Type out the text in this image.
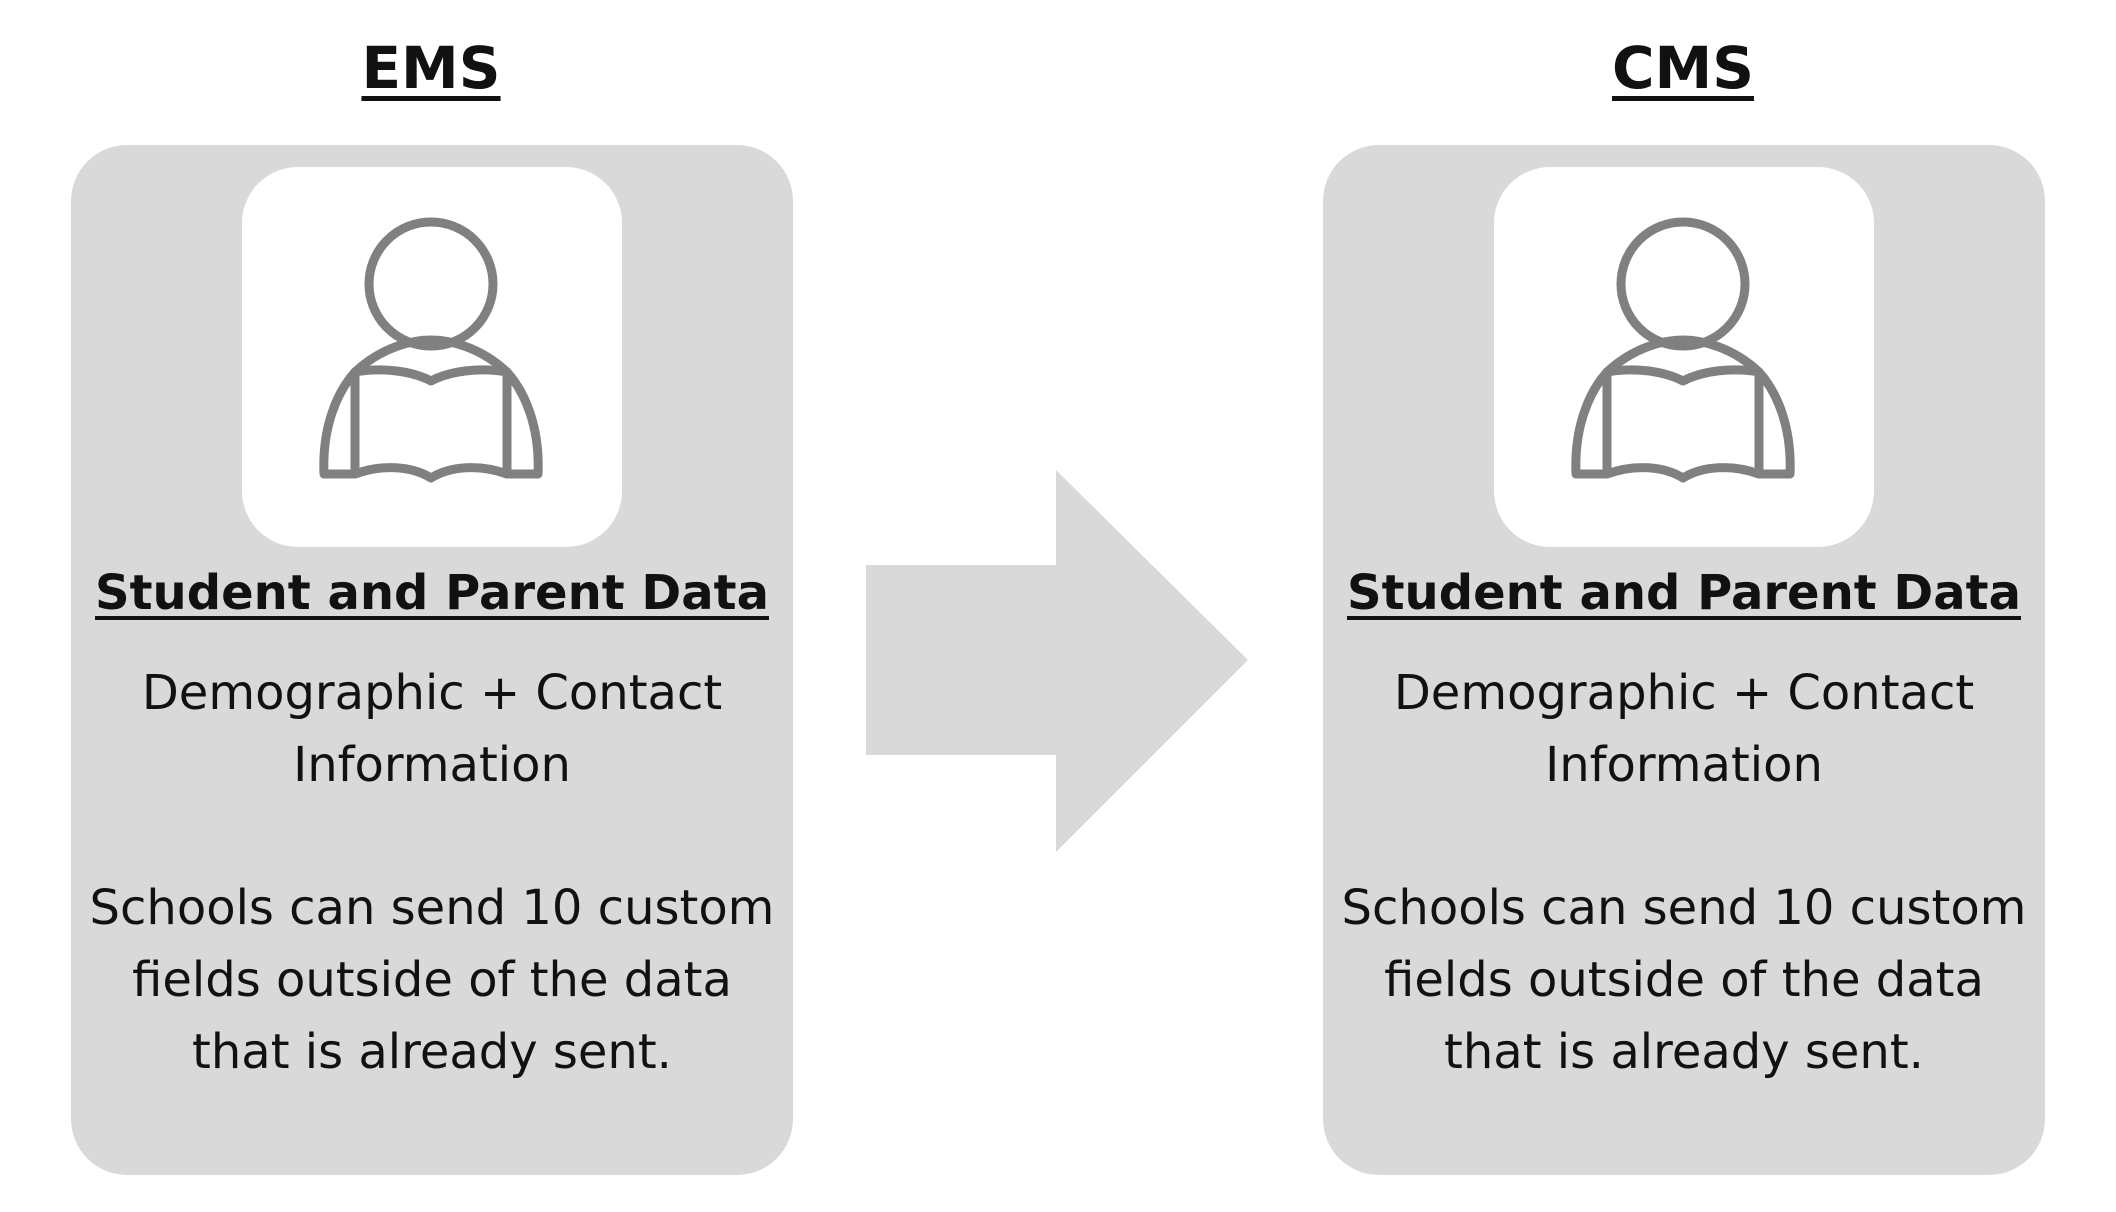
EMS	CMS

Student and Parent Data

Demographic + Contact
Information

Schools can send 10 custom
fields outside of the data
that is already sent.

Student and Parent Data

Demographic + Contact
Information

Schools can send 10 custom
fields outside of the data
that is already sent.
